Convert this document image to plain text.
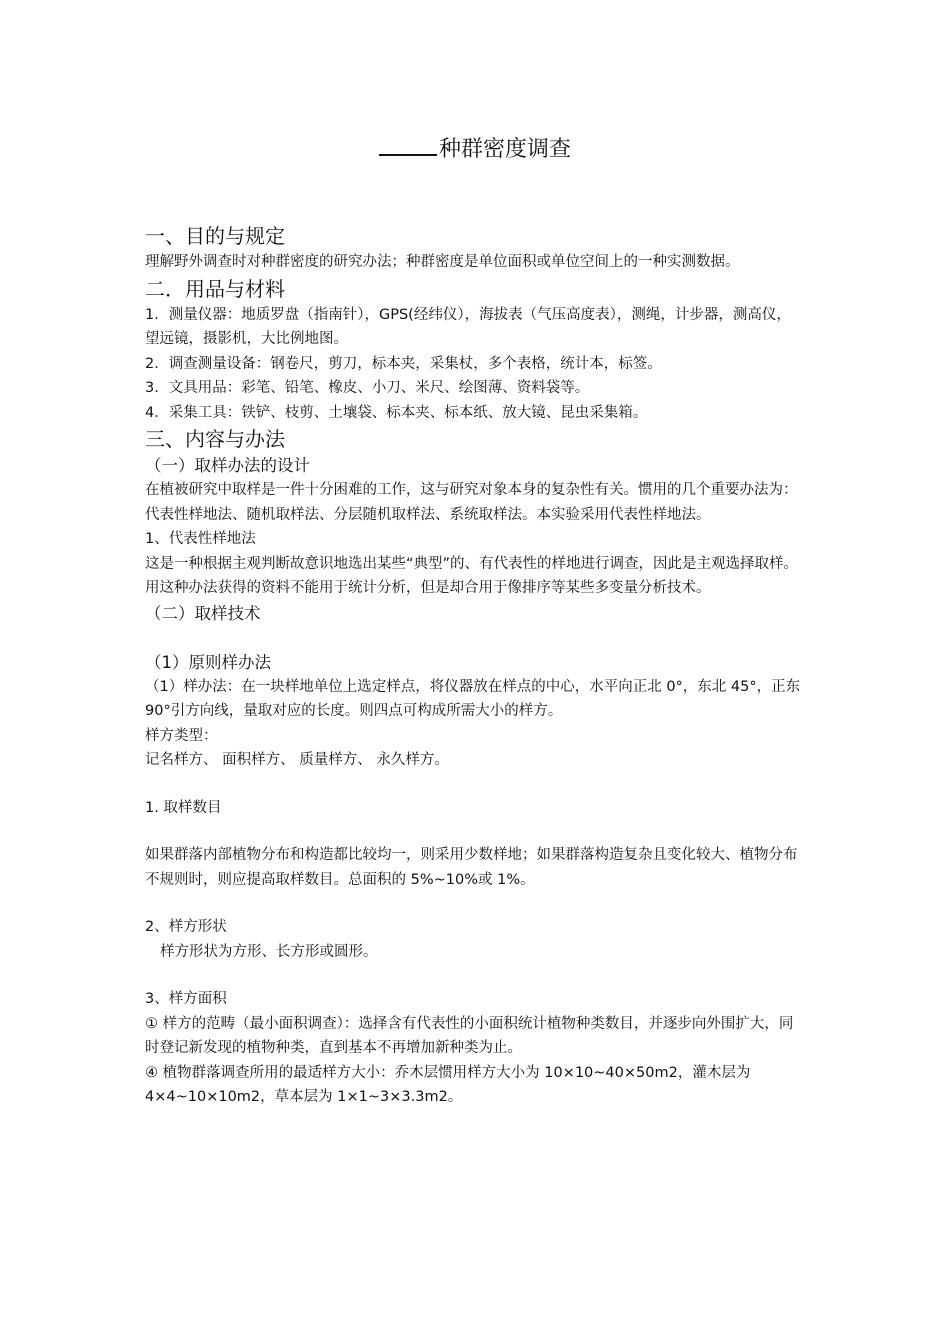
种群密度调查

一、目的与规定

理解野外调查时对种群密度的研究办法；种群密度是单位面积或单位空间上的一种实测数据。

二．用品与材料

1．测量仪器：地质罗盘（指南针），GPS(经纬仪），海拔表（气压高度表），测绳，计步器，测高仪，望远镜，摄影机，大比例地图。

2．调查测量设备：钢卷尺，剪刀，标本夹，采集杖，多个表格，统计本，标签。

3．文具用品：彩笔、铅笔、橡皮、小刀、米尺、绘图薄、资料袋等。

4．采集工具：铁铲、枝剪、土壤袋、标本夹、标本纸、放大镜、昆虫采集箱。

三、内容与办法

（一）取样办法的设计

在植被研究中取样是一件十分困难的工作，这与研究对象本身的复杂性有关。惯用的几个重要办法为：代表性样地法、随机取样法、分层随机取样法、系统取样法。本实验采用代表性样地法。

1、代表性样地法

这是一种根据主观判断故意识地选出某些“典型”的、有代表性的样地进行调查，因此是主观选择取样。用这种办法获得的资料不能用于统计分析，但是却合用于像排序等某些多变量分析技术。

（二）取样技术

（1）原则样办法

（1）样办法：在一块样地单位上选定样点，将仪器放在样点的中心，水平向正北 0°，东北 45°，正东 90°引方向线，量取对应的长度。则四点可构成所需大小的样方。

样方类型：

记名样方、 面积样方、 质量样方、 永久样方。

1. 取样数目

如果群落内部植物分布和构造都比较均一，则采用少数样地；如果群落构造复杂且变化较大、植物分布不规则时，则应提高取样数目。总面积的 5%~10%或 1%。

2、样方形状

样方形状为方形、长方形或圆形。

3、样方面积

① 样方的范畴（最小面积调查）：选择含有代表性的小面积统计植物种类数目，并逐步向外围扩大，同时登记新发现的植物种类，直到基本不再增加新种类为止。

④ 植物群落调查所用的最适样方大小：乔木层惯用样方大小为 10×10~40×50m2，灌木层为 4×4~10×10m2，草本层为 1×1~3×3.3m2。
